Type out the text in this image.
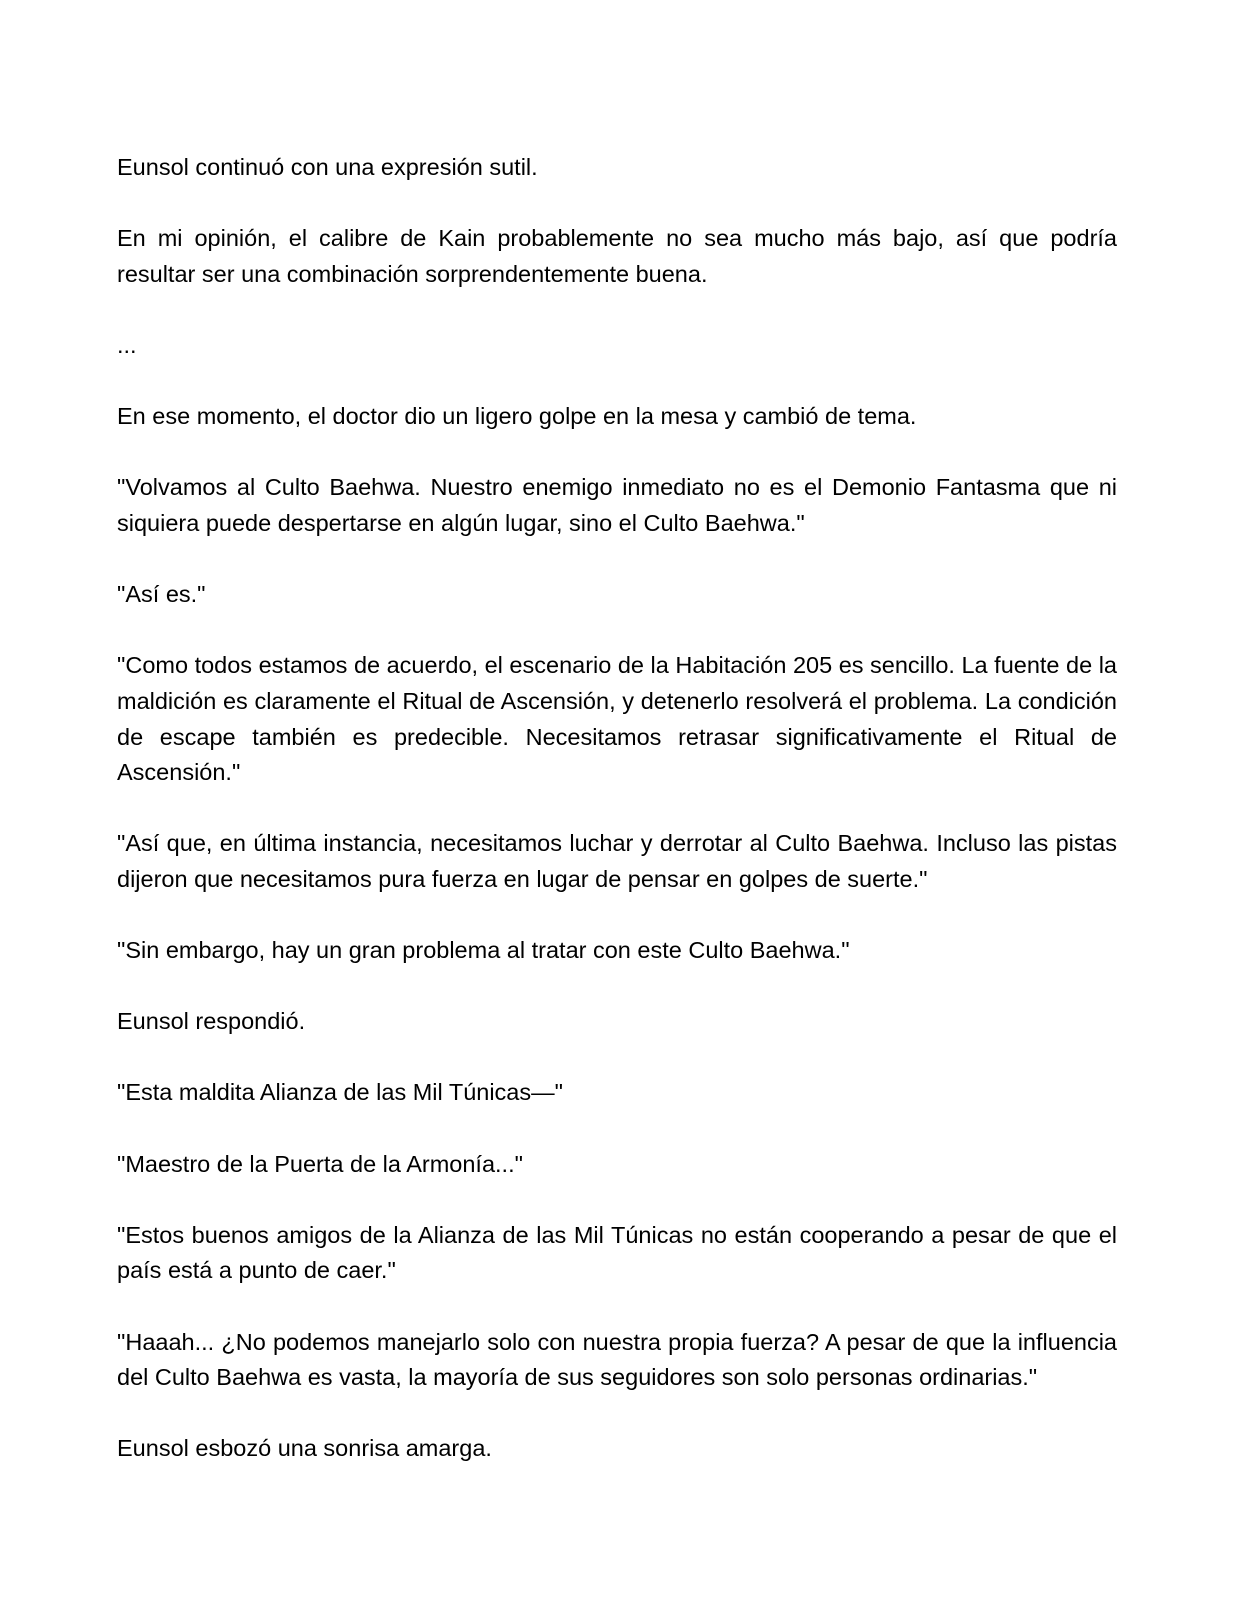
Eunsol continuó con una expresión sutil.

En mi opinión, el calibre de Kain probablemente no sea mucho más bajo, así que podría resultar ser una combinación sorprendentemente buena.

...

En ese momento, el doctor dio un ligero golpe en la mesa y cambió de tema.

"Volvamos al Culto Baehwa. Nuestro enemigo inmediato no es el Demonio Fantasma que ni siquiera puede despertarse en algún lugar, sino el Culto Baehwa."

"Así es."

"Como todos estamos de acuerdo, el escenario de la Habitación 205 es sencillo. La fuente de la maldición es claramente el Ritual de Ascensión, y detenerlo resolverá el problema. La condición de escape también es predecible. Necesitamos retrasar significativamente el Ritual de Ascensión."

"Así que, en última instancia, necesitamos luchar y derrotar al Culto Baehwa. Incluso las pistas dijeron que necesitamos pura fuerza en lugar de pensar en golpes de suerte."

"Sin embargo, hay un gran problema al tratar con este Culto Baehwa."

Eunsol respondió.

"Esta maldita Alianza de las Mil Túnicas—"

"Maestro de la Puerta de la Armonía..."

"Estos buenos amigos de la Alianza de las Mil Túnicas no están cooperando a pesar de que el país está a punto de caer."

"Haaah... ¿No podemos manejarlo solo con nuestra propia fuerza? A pesar de que la influencia del Culto Baehwa es vasta, la mayoría de sus seguidores son solo personas ordinarias."

Eunsol esbozó una sonrisa amarga.
